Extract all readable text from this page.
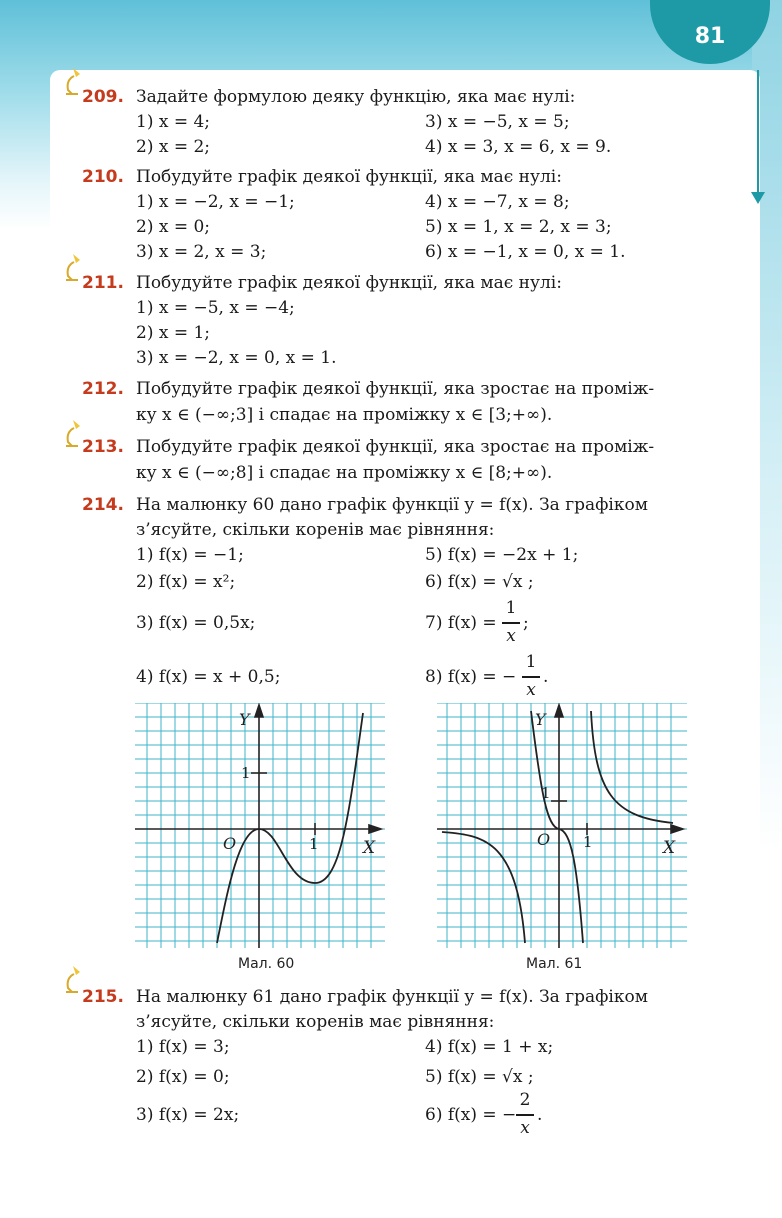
81
209. Задайте формулою деяку функцію, яка має нулі:
1) x = 4;	3) x = −5, x = 5;
2) x = 2;	4) x = 3, x = 6, x = 9.
210. Побудуйте графік деякої функції, яка має нулі:
1) x = −2, x = −1;	4) x = −7, x = 8;
2) x = 0;	5) x = 1, x = 2, x = 3;
3) x = 2, x = 3;	6) x = −1, x = 0, x = 1.
211. Побудуйте графік деякої функції, яка має нулі:
1) x = −5, x = −4;
2) x = 1;
3) x = −2, x = 0, x = 1.
212. Побудуйте графік деякої функції, яка зростає на промiж-
ку x ∈ (−∞;3] і спадає на проміжку x ∈ [3;+∞).
213. Побудуйте графік деякої функції, яка зростає на промiж-
ку x ∈ (−∞;8] і спадає на проміжку x ∈ [8;+∞).
214. На малюнку 60 дано графік функції y = f(x). За графіком
з’ясуйте, скільки коренів має рівняння:
1) f(x) = −1;	5) f(x) = −2x + 1;
2) f(x) = x²;	6) f(x) = √x ;
3) f(x) = 0,5x;	7) f(x) =
1
x
;
4) f(x) = x + 0,5;	8) f(x) = −
1
x
.
Y
X
O	1
1
Мал. 60
Y
X
O 1
1
Мал. 61
215. На малюнку 61 дано графік функції y = f(x). За графіком
з’ясуйте, скільки коренів має рівняння:
1) f(x) = 3;	4) f(x) = 1 + x;
2) f(x) = 0;	5) f(x) = √x ;
3) f(x) = 2x;	6) f(x) = −
2
x
.
